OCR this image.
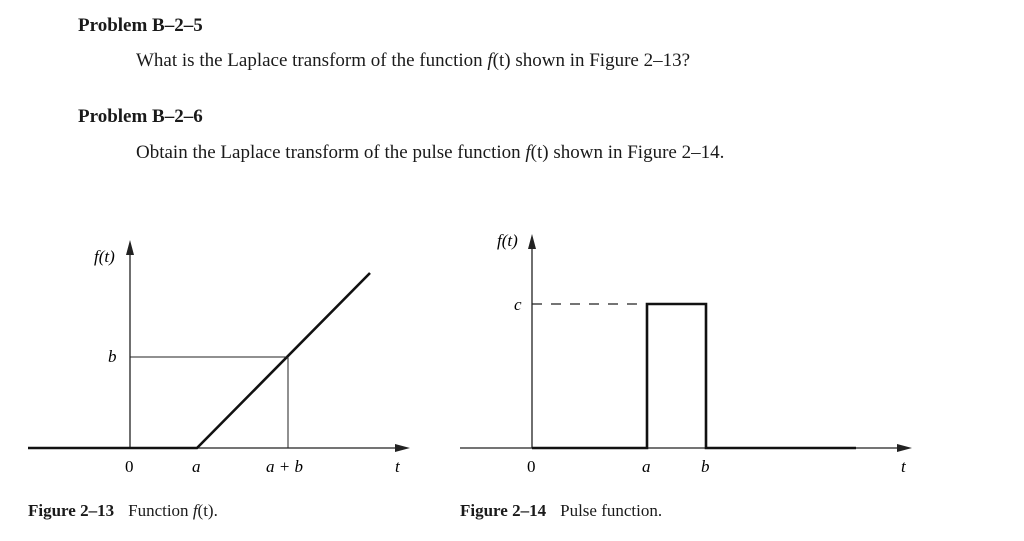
Problem B–2–5

What is the Laplace transform of the function f(t) shown in Figure 2–13?

Problem B–2–6

Obtain the Laplace transform of the pulse function f(t) shown in Figure 2–14.

f(t)
b
0	a	a + b	t
f(t)
c
0	a	b	t
Figure 2–13 Function f(t).	Figure 2–14 Pulse function.
